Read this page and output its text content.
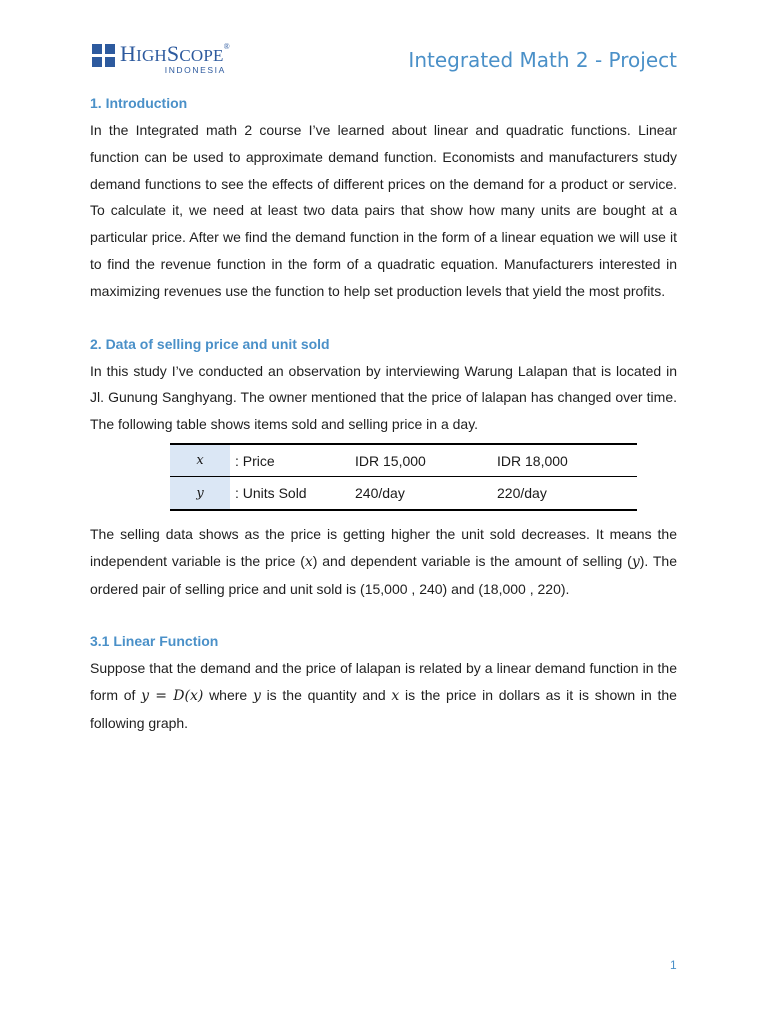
HIGHSCOPE®
INDONESIA	Integrated Math 2 - Project
1. Introduction

In the Integrated math 2 course I’ve learned about linear and quadratic functions. Linear function can be used to approximate demand function. Economists and manufacturers study demand functions to see the effects of different prices on the demand for a product or service. To calculate it, we need at least two data pairs that show how many units are bought at a particular price. After we find the demand function in the form of a linear equation we will use it to find the revenue function in the form of a quadratic equation. Manufacturers interested in maximizing revenues use the function to help set production levels that yield the most profits.

2. Data of selling price and unit sold

In this study I’ve conducted an observation by interviewing Warung Lalapan that is located in Jl. Gunung Sanghyang. The owner mentioned that the price of lalapan has changed over time. The following table shows items sold and selling price in a day.

x	: Price	IDR 15,000	IDR 18,000
y	: Units Sold	240/day	220/day

The selling data shows as the price is getting higher the unit sold decreases. It means the independent variable is the price (x) and dependent variable is the amount of selling (y). The ordered pair of selling price and unit sold is (15,000 , 240) and (18,000 , 220).

3.1 Linear Function

Suppose that the demand and the price of lalapan is related by a linear demand function in the form of y = D(x) where y is the quantity and x is the price in dollars as it is shown in the following graph.

1
